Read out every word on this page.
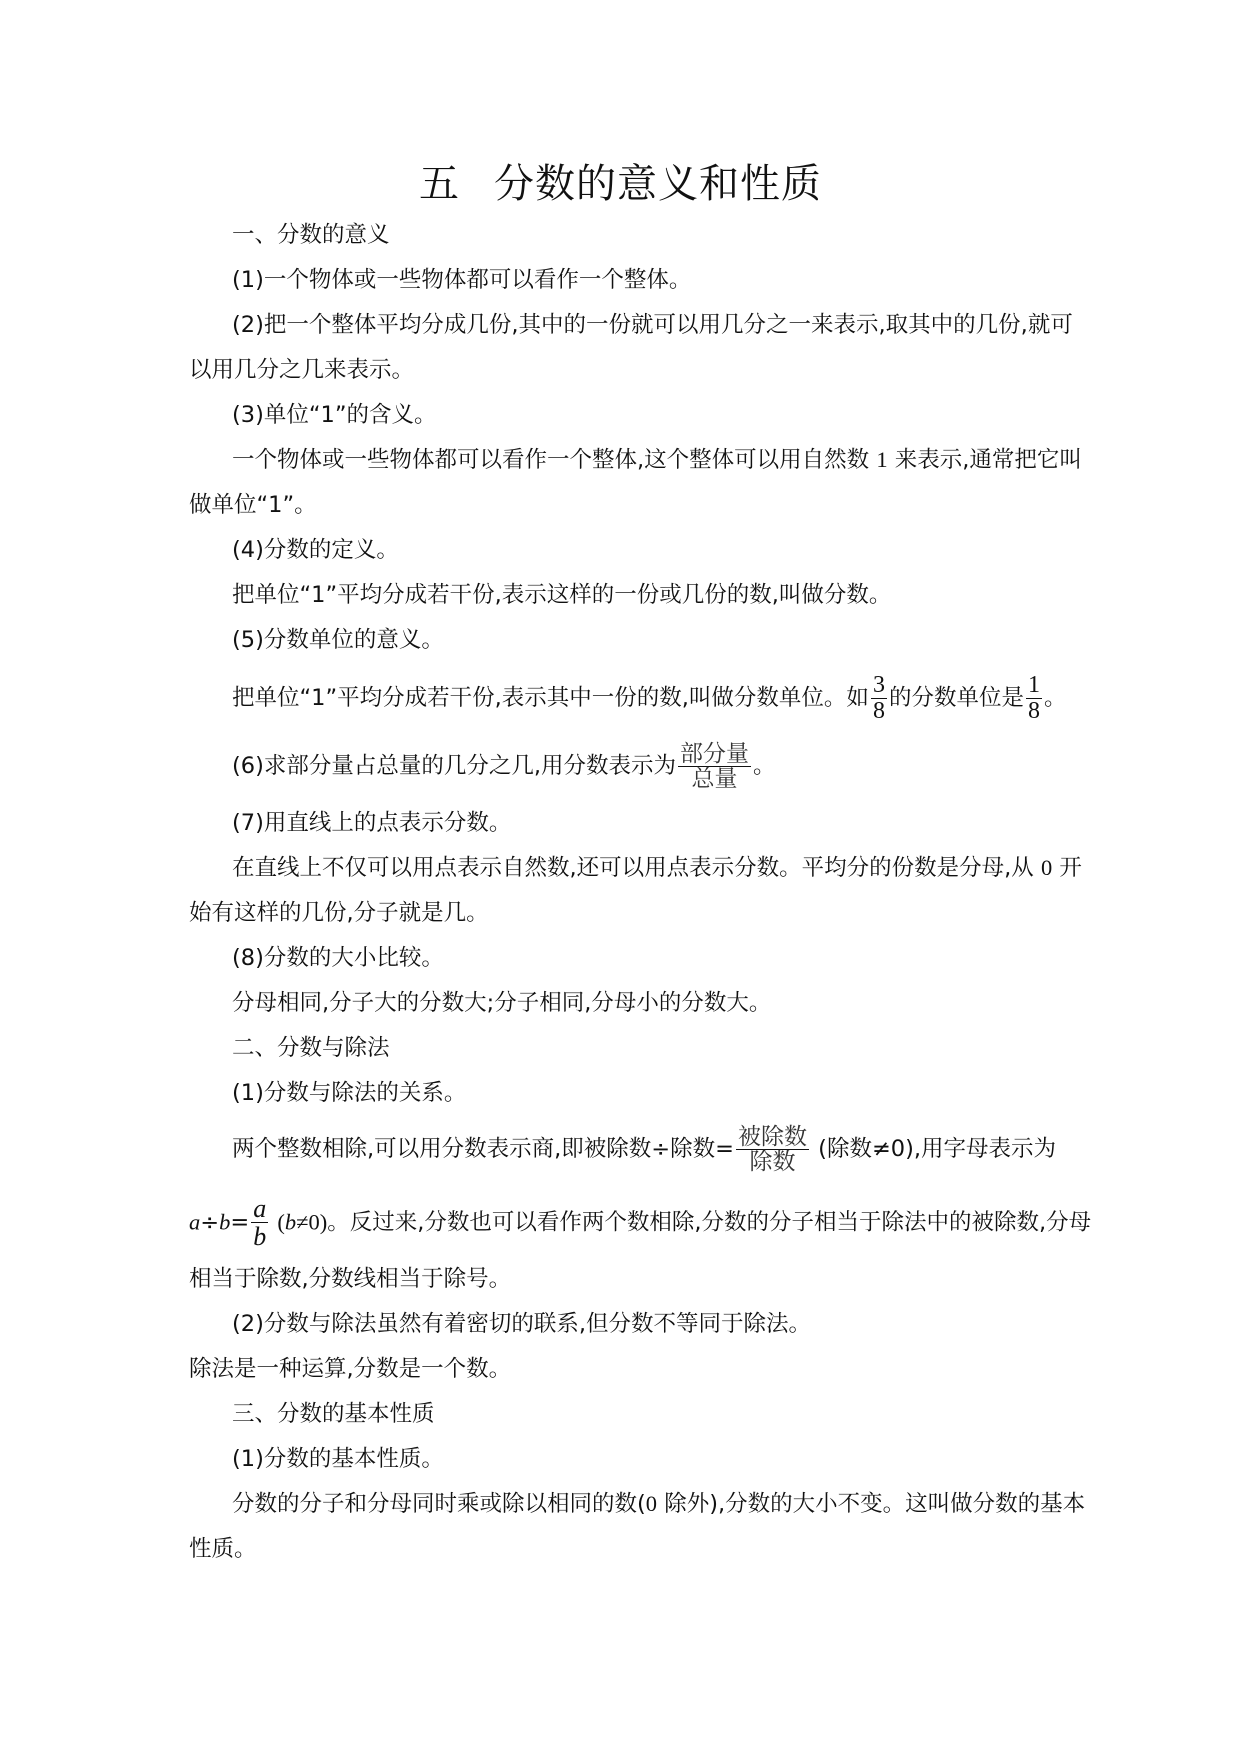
五 分数的意义和性质
一、分数的意义
(1)一个物体或一些物体都可以看作一个整体。
(2)把一个整体平均分成几份,其中的一份就可以用几分之一来表示,取其中的几份,就可
以用几分之几来表示。
(3)单位“1”的含义。
一个物体或一些物体都可以看作一个整体,这个整体可以用自然数 1 来表示,通常把它叫
做单位“1”。
(4)分数的定义。
把单位“1”平均分成若干份,表示这样的一份或几份的数,叫做分数。
(5)分数单位的意义。
把单位“1”平均分成若干份,表示其中一份的数,叫做分数单位。如 $\frac{3}{8}$ 的分数单位是 $\frac{1}{8}$ 。
(6)求部分量占总量的几分之几,用分数表示为 $\frac{\text{部分量}}{\text{总量}}$ 。
(7)用直线上的点表示分数。
在直线上不仅可以用点表示自然数,还可以用点表示分数。平均分的份数是分母,从 0 开
始有这样的几份,分子就是几。
(8)分数的大小比较。
分母相同,分子大的分数大;分子相同,分母小的分数大。
二、分数与除法
(1)分数与除法的关系。
两个整数相除,可以用分数表示商,即被除数÷除数= $\frac{\text{被除数}}{\text{除数}}$ (除数≠0),用字母表示为
$a\div b= \frac{a}{b} (b\ne 0)$。反过来,分数也可以看作两个数相除,分数的分子相当于除法中的被除数,分母
相当于除数,分数线相当于除号。
(2)分数与除法虽然有着密切的联系,但分数不等同于除法。
除法是一种运算,分数是一个数。
三、分数的基本性质
(1)分数的基本性质。
分数的分子和分母同时乘或除以相同的数(0 除外),分数的大小不变。这叫做分数的基本
性质。
